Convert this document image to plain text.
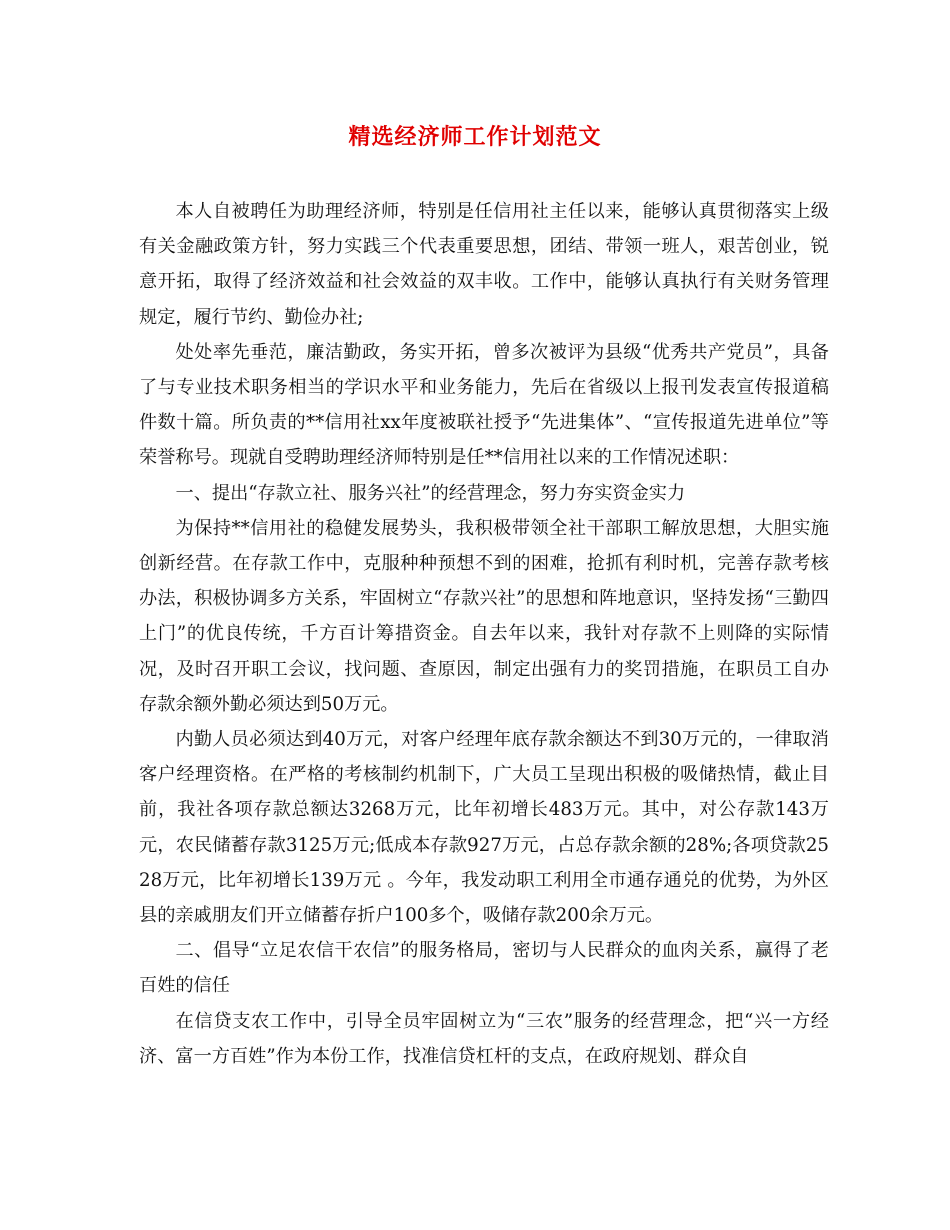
精选经济师工作计划范文

本人自被聘任为助理经济师，特别是任信用社主任以来，能够认真贯彻落实上级有关金融政策方针，努力实践三个代表重要思想，团结、带领一班人，艰苦创业，锐意开拓，取得了经济效益和社会效益的双丰收。工作中，能够认真执行有关财务管理规定，履行节约、勤俭办社;

处处率先垂范，廉洁勤政，务实开拓，曾多次被评为县级“优秀共产党员”，具备了与专业技术职务相当的学识水平和业务能力，先后在省级以上报刊发表宣传报道稿件数十篇。所负责的**信用社xx年度被联社授予“先进集体”、“宣传报道先进单位”等荣誉称号。现就自受聘助理经济师特别是任**信用社以来的工作情况述职：

一、提出“存款立社、服务兴社”的经营理念，努力夯实资金实力

为保持**信用社的稳健发展势头，我积极带领全社干部职工解放思想，大胆实施创新经营。在存款工作中，克服种种预想不到的困难，抢抓有利时机，完善存款考核办法，积极协调多方关系，牢固树立“存款兴社”的思想和阵地意识，坚持发扬“三勤四上门”的优良传统，千方百计筹措资金。自去年以来，我针对存款不上则降的实际情况，及时召开职工会议，找问题、查原因，制定出强有力的奖罚措施，在职员工自办存款余额外勤必须达到50万元。

内勤人员必须达到40万元，对客户经理年底存款余额达不到30万元的，一律取消客户经理资格。在严格的考核制约机制下，广大员工呈现出积极的吸储热情，截止目前，我社各项存款总额达3268万元，比年初增长483万元。其中，对公存款143万元，农民储蓄存款3125万元;低成本存款927万元，占总存款余额的28%;各项贷款2528万元，比年初增长139万元 。今年，我发动职工利用全市通存通兑的优势，为外区县的亲戚朋友们开立储蓄存折户100多个，吸储存款200余万元。

二、倡导“立足农信干农信”的服务格局，密切与人民群众的血肉关系，赢得了老百姓的信任

在信贷支农工作中，引导全员牢固树立为“三农”服务的经营理念，把“兴一方经济、富一方百姓”作为本份工作，找准信贷杠杆的支点，在政府规划、群众自
